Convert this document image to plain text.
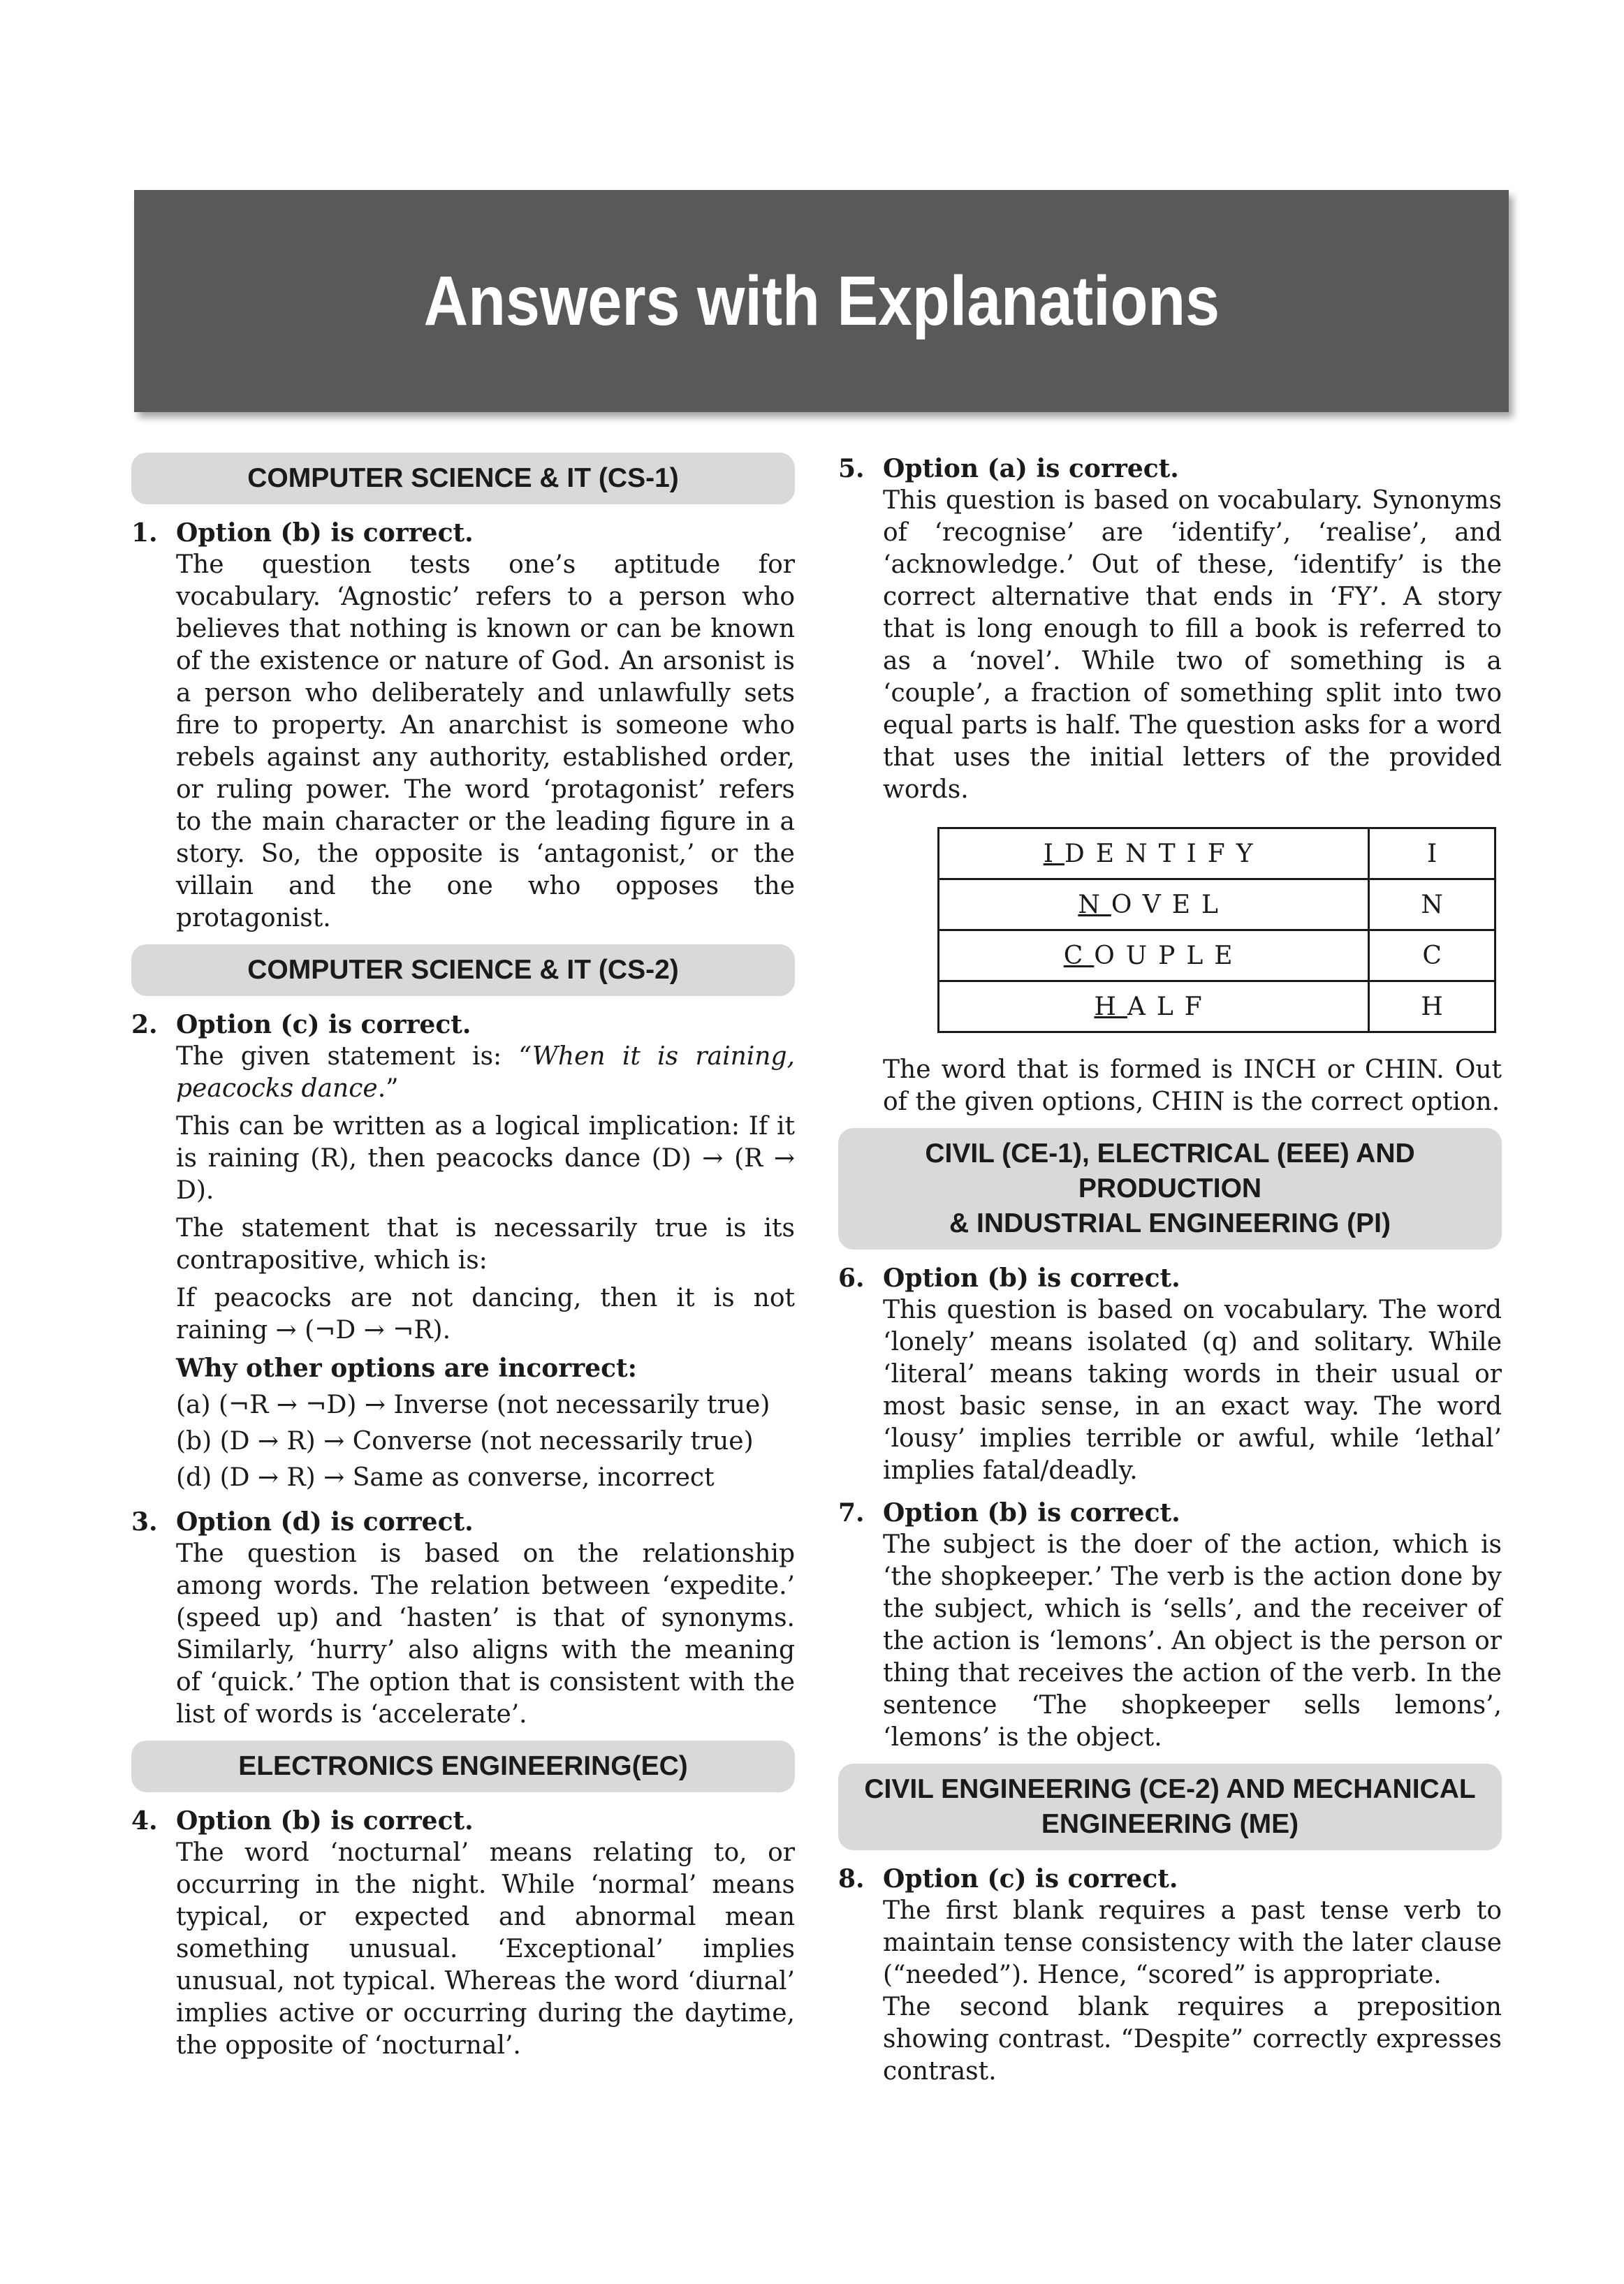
Answers with Explanations
COMPUTER SCIENCE & IT (CS-1)
1. Option (b) is correct.
The question tests one’s aptitude for vocabulary. ‘Agnostic’ refers to a person who believes that nothing is known or can be known of the existence or nature of God. An arsonist is a person who deliberately and unlawfully sets fire to property. An anarchist is someone who rebels against any authority, established order, or ruling power. The word ‘protagonist’ refers to the main character or the leading figure in a story. So, the opposite is ‘antagonist,’ or the villain and the one who opposes the protagonist.
COMPUTER SCIENCE & IT (CS-2)
2. Option (c) is correct.
The given statement is: “When it is raining, peacocks dance.”
This can be written as a logical implication: If it is raining (R), then peacocks dance (D) → (R → D).
The statement that is necessarily true is its contrapositive, which is:
If peacocks are not dancing, then it is not raining → (¬D → ¬R).
Why other options are incorrect:
(a) (¬R → ¬D) → Inverse (not necessarily true)
(b) (D → R) → Converse (not necessarily true)
(d) (D → R) → Same as converse, incorrect
3. Option (d) is correct.
The question is based on the relationship among words. The relation between ‘expedite.’ (speed up) and ‘hasten’ is that of synonyms. Similarly, ‘hurry’ also aligns with the meaning of ‘quick.’ The option that is consistent with the list of words is ‘accelerate’.
ELECTRONICS ENGINEERING(EC)
4. Option (b) is correct.
The word ‘nocturnal’ means relating to, or occurring in the night. While ‘normal’ means typical, or expected and abnormal mean something unusual. ‘Exceptional’ implies unusual, not typical. Whereas the word ‘diurnal’ implies active or occurring during the daytime, the opposite of ‘nocturnal’.
5. Option (a) is correct.
This question is based on vocabulary. Synonyms of ‘recognise’ are ‘identify’, ‘realise’, and ‘acknowledge.’ Out of these, ‘identify’ is the correct alternative that ends in ‘FY’. A story that is long enough to fill a book is referred to as a ‘novel’. While two of something is a ‘couple’, a fraction of something split into two equal parts is half. The question asks for a word that uses the initial letters of the provided words.
IDENTIFY	I
NOVEL	N
COUPLE	C
HALF	H
The word that is formed is INCH or CHIN. Out of the given options, CHIN is the correct option.
CIVIL (CE-1), ELECTRICAL (EEE) AND PRODUCTION
& INDUSTRIAL ENGINEERING (PI)
6. Option (b) is correct.
This question is based on vocabulary. The word ‘lonely’ means isolated (q) and solitary. While ‘literal’ means taking words in their usual or most basic sense, in an exact way. The word ‘lousy’ implies terrible or awful, while ‘lethal’ implies fatal/deadly.
7. Option (b) is correct.
The subject is the doer of the action, which is ‘the shopkeeper.’ The verb is the action done by the subject, which is ‘sells’, and the receiver of the action is ‘lemons’. An object is the person or thing that receives the action of the verb. In the sentence ‘The shopkeeper sells lemons’, ‘lemons’ is the object.
CIVIL ENGINEERING (CE-2) AND MECHANICAL
ENGINEERING (ME)
8. Option (c) is correct.
The first blank requires a past tense verb to maintain tense consistency with the later clause (“needed”). Hence, “scored” is appropriate.
The second blank requires a preposition showing contrast. “Despite” correctly expresses contrast.
